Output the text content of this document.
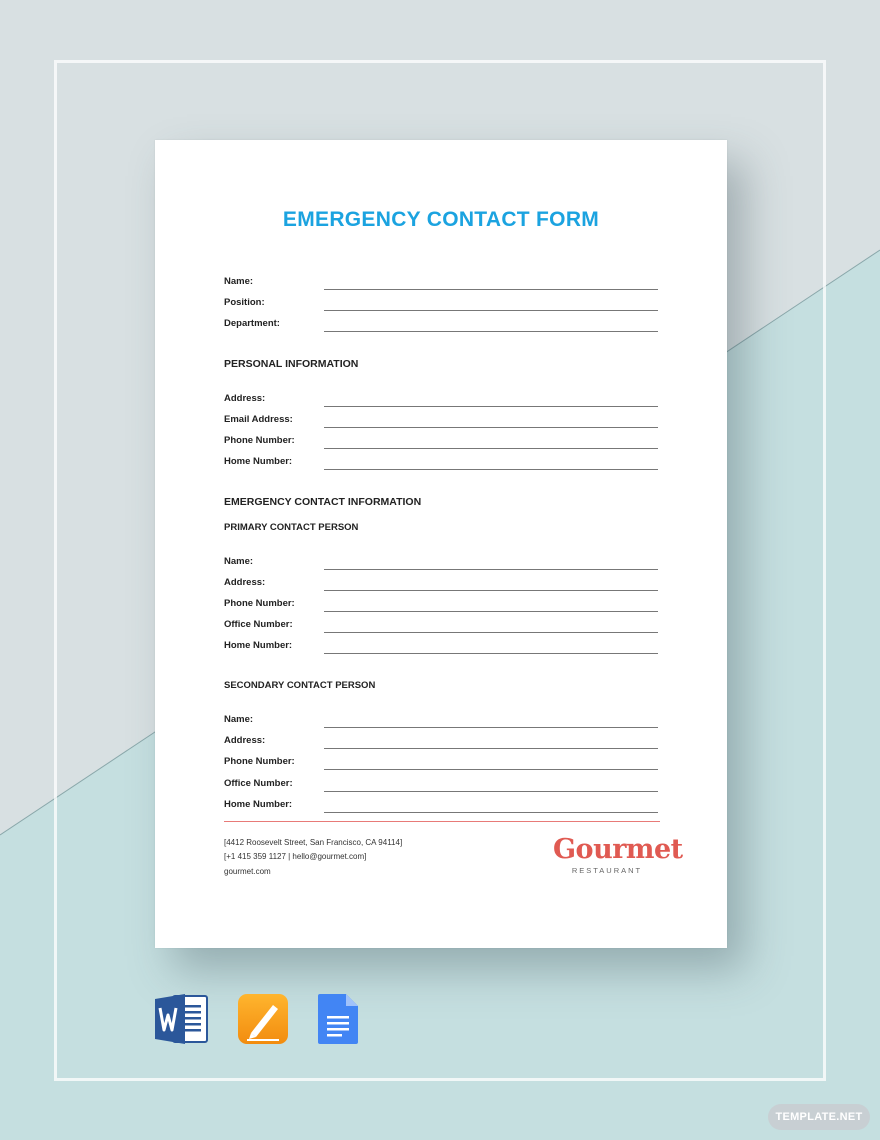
EMERGENCY CONTACT FORM
Name:
Position:
Department:
PERSONAL INFORMATION
Address:
Email Address:
Phone Number:
Home Number:
EMERGENCY CONTACT INFORMATION
PRIMARY CONTACT PERSON
Name:
Address:
Phone Number:
Office Number:
Home Number:
SECONDARY CONTACT PERSON
Name:
Address:
Phone Number:
Office Number:
Home Number:
[4412 Roosevelt Street, San Francisco, CA 94114]
[+1 415 359 1127 | hello@gourmet.com]
gourmet.com
Gourmet
RESTAURANT
TEMPLATE.NET
